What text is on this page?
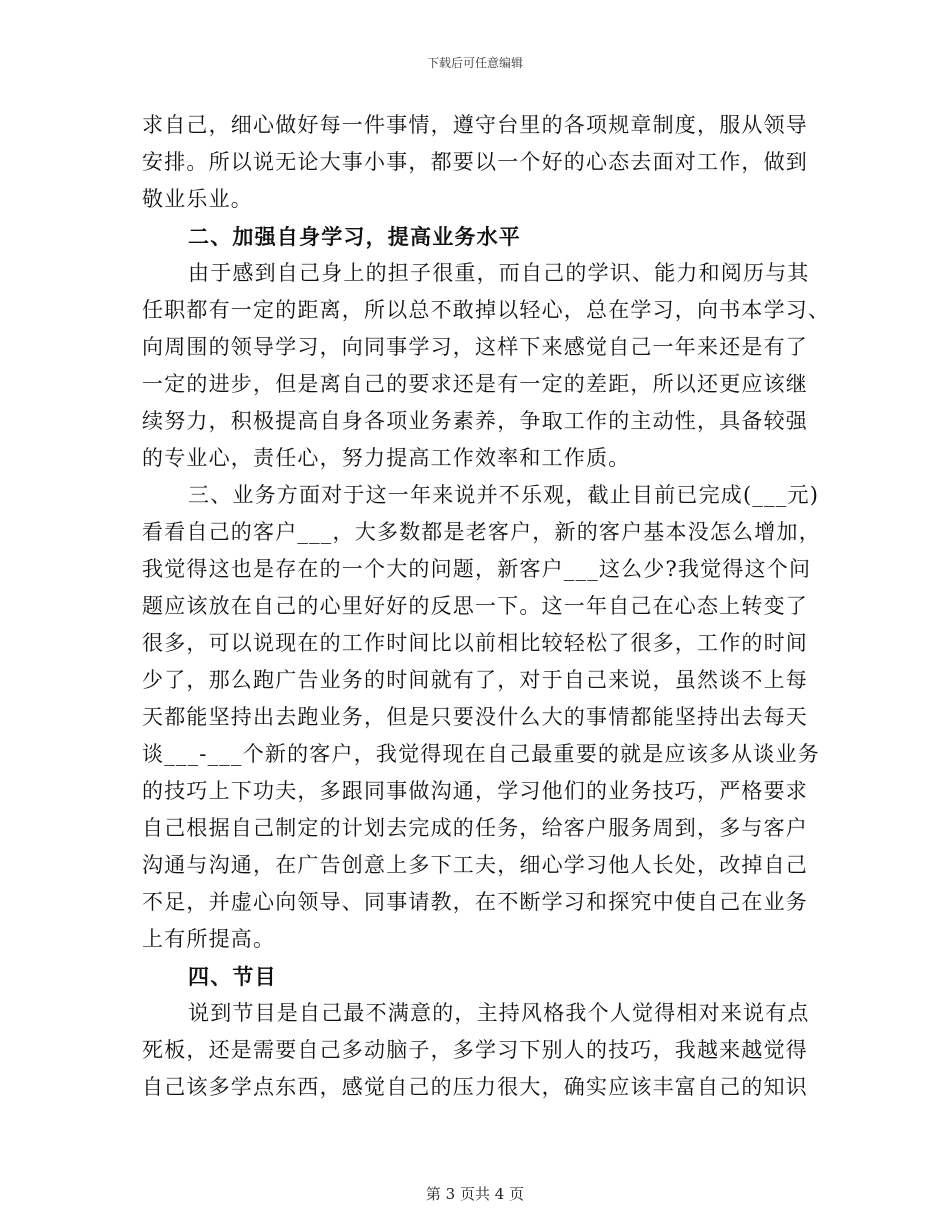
下载后可任意编辑
求自己，细心做好每一件事情，遵守台里的各项规章制度，服从领导
安排。所以说无论大事小事，都要以一个好的心态去面对工作，做到
敬业乐业。
二、加强自身学习，提高业务水平
由于感到自己身上的担子很重，而自己的学识、能力和阅历与其
任职都有一定的距离，所以总不敢掉以轻心，总在学习，向书本学习、
向周围的领导学习，向同事学习，这样下来感觉自己一年来还是有了
一定的进步，但是离自己的要求还是有一定的差距，所以还更应该继
续努力，积极提高自身各项业务素养，争取工作的主动性，具备较强
的专业心，责任心，努力提高工作效率和工作质。
三、业务方面对于这一年来说并不乐观，截止目前已完成(___元)
看看自己的客户___，大多数都是老客户，新的客户基本没怎么增加，
我觉得这也是存在的一个大的问题，新客户___这么少?我觉得这个问
题应该放在自己的心里好好的反思一下。这一年自己在心态上转变了
很多，可以说现在的工作时间比以前相比较轻松了很多，工作的时间
少了，那么跑广告业务的时间就有了，对于自己来说，虽然谈不上每
天都能坚持出去跑业务，但是只要没什么大的事情都能坚持出去每天
谈___-___个新的客户，我觉得现在自己最重要的就是应该多从谈业务
的技巧上下功夫，多跟同事做沟通，学习他们的业务技巧，严格要求
自己根据自己制定的计划去完成的任务，给客户服务周到，多与客户
沟通与沟通，在广告创意上多下工夫，细心学习他人长处，改掉自己
不足，并虚心向领导、同事请教，在不断学习和探究中使自己在业务
上有所提高。
四、节目
说到节目是自己最不满意的，主持风格我个人觉得相对来说有点
死板，还是需要自己多动脑子，多学习下别人的技巧，我越来越觉得
自己该多学点东西，感觉自己的压力很大，确实应该丰富自己的知识
第 3 页共 4 页
